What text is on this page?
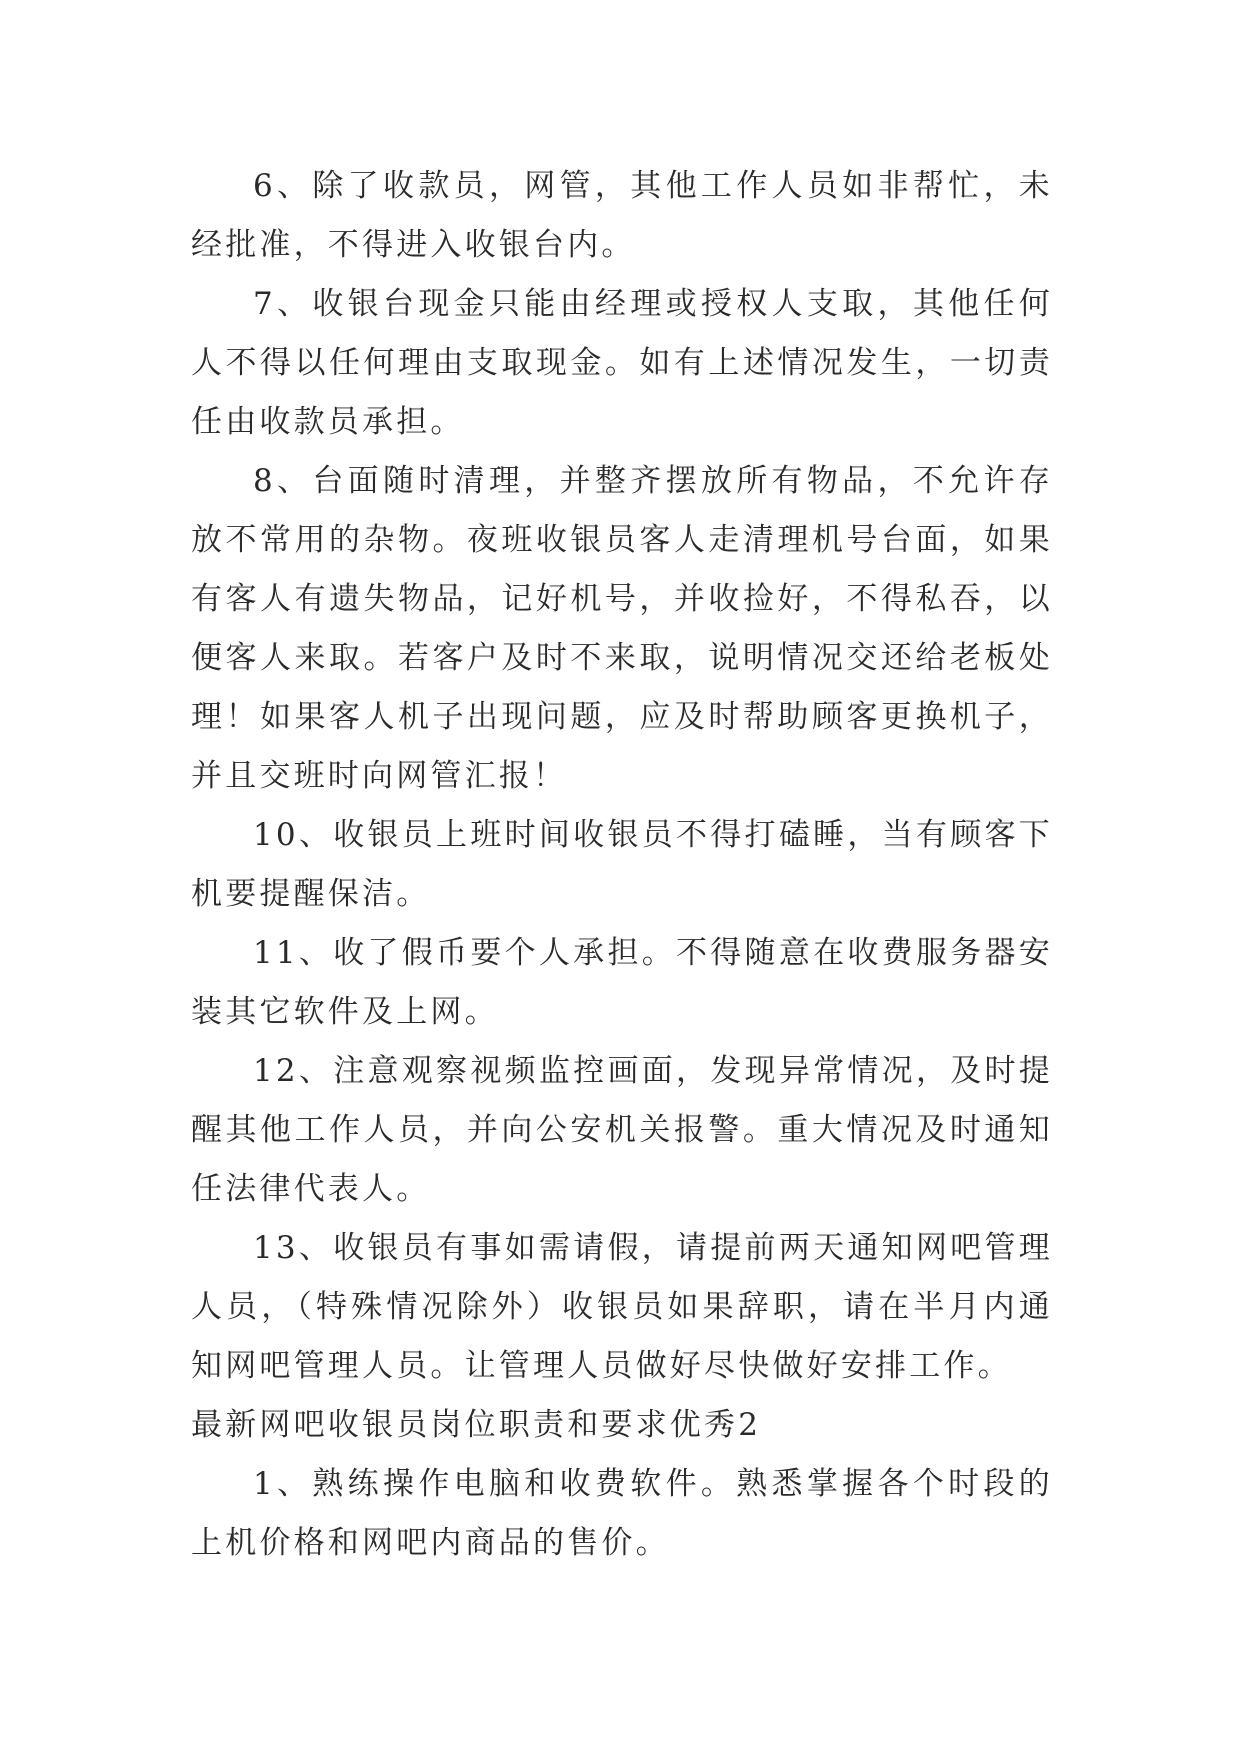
6、除了收款员，网管，其他工作人员如非帮忙，未经批准，不得进入收银台内。

7、收银台现金只能由经理或授权人支取，其他任何人不得以任何理由支取现金。如有上述情况发生，一切责任由收款员承担。

8、台面随时清理，并整齐摆放所有物品，不允许存放不常用的杂物。夜班收银员客人走清理机号台面，如果有客人有遗失物品，记好机号，并收捡好，不得私吞，以便客人来取。若客户及时不来取，说明情况交还给老板处理！如果客人机子出现问题，应及时帮助顾客更换机子，并且交班时向网管汇报！

10、收银员上班时间收银员不得打磕睡，当有顾客下机要提醒保洁。

11、收了假币要个人承担。不得随意在收费服务器安装其它软件及上网。

12、注意观察视频监控画面，发现异常情况，及时提醒其他工作人员，并向公安机关报警。重大情况及时通知任法律代表人。

13、收银员有事如需请假，请提前两天通知网吧管理人员，（特殊情况除外）收银员如果辞职，请在半月内通知网吧管理人员。让管理人员做好尽快做好安排工作。

最新网吧收银员岗位职责和要求优秀2

1、熟练操作电脑和收费软件。熟悉掌握各个时段的上机价格和网吧内商品的售价。
